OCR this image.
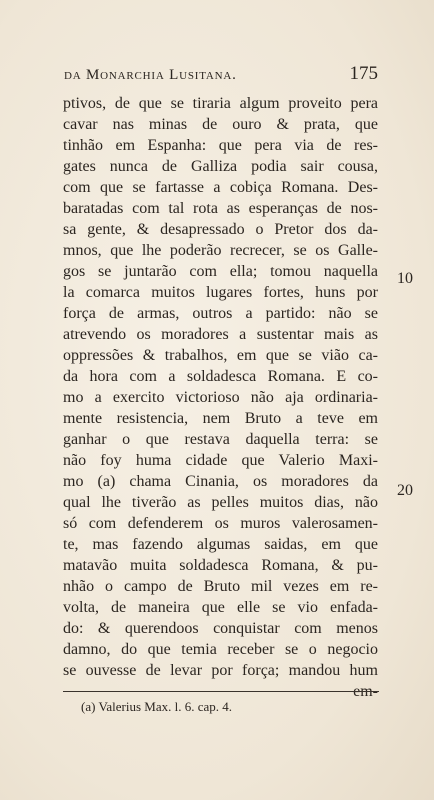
da Monarchia Lusitana.	175
ptivos, de que se tiraria algum proveito pera
cavar nas minas de ouro & prata, que
tinhão em Espanha: que pera via de res-
gates nunca de Galliza podia sair cousa,
com que se fartasse a cobiça Romana. Des-
baratadas com tal rota as esperanças de nos-
sa gente, & desapressado o Pretor dos da-
mnos, que lhe poderão recrecer, se os Galle-
gos se juntarão com ella; tomou naquella
la comarca muitos lugares fortes, huns por
força de armas, outros a partido: não se
atrevendo os moradores a sustentar mais as
oppressões & trabalhos, em que se vião ca-
da hora com a soldadesca Romana. E co-
mo a exercito victorioso não aja ordinaria-
mente resistencia, nem Bruto a teve em
ganhar o que restava daquella terra: se
não foy huma cidade que Valerio Maxi-
mo (a) chama Cinania, os moradores da
qual lhe tiverão as pelles muitos dias, não
só com defenderem os muros valerosamen-
te, mas fazendo algumas saidas, em que
matavão muita soldadesca Romana, & pu-
nhão o campo de Bruto mil vezes em re-
volta, de maneira que elle se vio enfada-
do: & querendoos conquistar com menos
damno, do que temia receber se o negocio
se ouvesse de levar por força; mandou hum
em-
10
20
(a) Valerius Max. l. 6. cap. 4.
